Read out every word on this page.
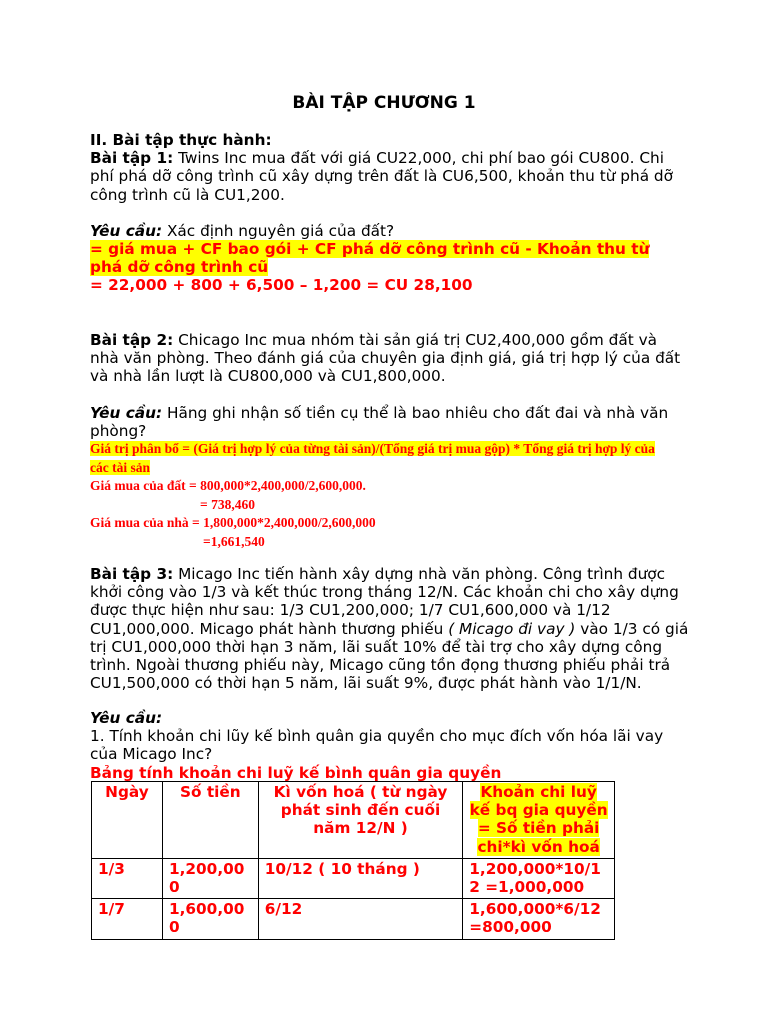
BÀI TẬP CHƯƠNG 1
II. Bài tập thực hành:
Bài tập 1: Twins Inc mua đất với giá CU22,000, chi phí bao gói CU800. Chi phí phá dỡ công trình cũ xây dựng trên đất là CU6,500, khoản thu từ phá dỡ công trình cũ là CU1,200.
Yêu cầu: Xác định nguyên giá của đất?
= giá mua + CF bao gói + CF phá dỡ công trình cũ - Khoản thu từ phá dỡ công trình cũ
= 22,000 + 800 + 6,500 – 1,200 = CU 28,100
Bài tập 2: Chicago Inc mua nhóm tài sản giá trị CU2,400,000 gồm đất và nhà văn phòng. Theo đánh giá của chuyên gia định giá, giá trị hợp lý của đất và nhà lần lượt là CU800,000 và CU1,800,000.
Yêu cầu: Hãng ghi nhận số tiền cụ thể là bao nhiêu cho đất đai và nhà văn phòng?
Giá trị phân bổ = (Giá trị hợp lý của từng tài sản)/(Tổng giá trị mua gộp) * Tổng giá trị hợp lý của các tài sản
Giá mua của đất = 800,000*2,400,000/2,600,000.
= 738,460
Giá mua của nhà = 1,800,000*2,400,000/2,600,000
=1,661,540
Bài tập 3: Micago Inc tiến hành xây dựng nhà văn phòng. Công trình được khởi công vào 1/3 và kết thúc trong tháng 12/N. Các khoản chi cho xây dựng được thực hiện như sau: 1/3 CU1,200,000; 1/7 CU1,600,000 và 1/12 CU1,000,000. Micago phát hành thương phiếu ( Micago đi vay ) vào 1/3 có giá trị CU1,000,000 thời hạn 3 năm, lãi suất 10% để tài trợ cho xây dựng công trình. Ngoài thương phiếu này, Micago cũng tồn đọng thương phiếu phải trả CU1,500,000 có thời hạn 5 năm, lãi suất 9%, được phát hành vào 1/1/N.
Yêu cầu:
1. Tính khoản chi lũy kế bình quân gia quyền cho mục đích vốn hóa lãi vay của Micago Inc?
Bảng tính khoản chi luỹ kế bình quân gia quyền
Ngày	Số tiền	Kì vốn hoá ( từ ngày phát sinh đến cuối năm 12/N )	Khoản chi luỹ kế bq gia quyền = Số tiền phải chi*kì vốn hoá
1/3	1,200,000	10/12 ( 10 tháng )	1,200,000*10/12 =1,000,000
1/7	1,600,000	6/12	1,600,000*6/12 =800,000
